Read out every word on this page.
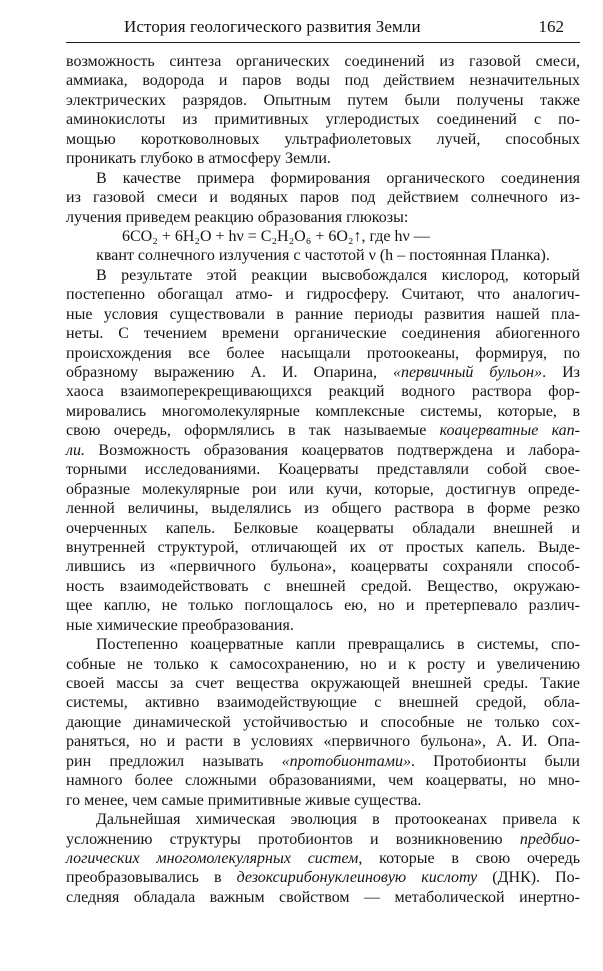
История геологического развития Земли	162
возможность синтеза органических соединений из газовой смеси,
аммиака, водорода и паров воды под действием незначительных
электрических разрядов. Опытным путем были получены также
аминокислоты из примитивных углеродистых соединений с по-
мощью коротковолновых ультрафиолетовых лучей, способных
проникать глубоко в атмосферу Земли.
В качестве примера формирования органического соединения
из газовой смеси и водяных паров под действием солнечного из-
лучения приведем реакцию образования глюкозы:
6CO₂ + 6H₂O + hν = C₂H₂O₆ + 6O₂↑, где hν —
квант солнечного излучения с частотой ν (h – постоянная Планка).
В результате этой реакции высвобождался кислород, который
постепенно обогащал атмо- и гидросферу. Считают, что аналогич-
ные условия существовали в ранние периоды развития нашей пла-
неты. С течением времени органические соединения абиогенного
происхождения все более насыщали протоокеаны, формируя, по
образному выражению А. И. Опарина, «первичный бульон». Из
хаоса взаимоперекрещивающихся реакций водного раствора фор-
мировались многомолекулярные комплексные системы, которые, в
свою очередь, оформлялись в так называемые коацерватные кап-
ли. Возможность образования коацерватов подтверждена и лабора-
торными исследованиями. Коацерваты представляли собой свое-
образные молекулярные рои или кучи, которые, достигнув опреде-
ленной величины, выделялись из общего раствора в форме резко
очерченных капель. Белковые коацерваты обладали внешней и
внутренней структурой, отличающей их от простых капель. Выде-
лившись из «первичного бульона», коацерваты сохраняли способ-
ность взаимодействовать с внешней средой. Вещество, окружаю-
щее каплю, не только поглощалось ею, но и претерпевало различ-
ные химические преобразования.
Постепенно коацерватные капли превращались в системы, спо-
собные не только к самосохранению, но и к росту и увеличению
своей массы за счет вещества окружающей внешней среды. Такие
системы, активно взаимодействующие с внешней средой, обла-
дающие динамической устойчивостью и способные не только сох-
раняться, но и расти в условиях «первичного бульона», А. И. Опа-
рин предложил называть «протобионтами». Протобионты были
намного более сложными образованиями, чем коацерваты, но мно-
го менее, чем самые примитивные живые существа.
Дальнейшая химическая эволюция в протоокеанах привела к
усложнению структуры протобионтов и возникновению предбио-
логических многомолекулярных систем, которые в свою очередь
преобразовывались в дезоксирибонуклеиновую кислоту (ДНК). По-
следняя обладала важным свойством — метаболической инертно-
